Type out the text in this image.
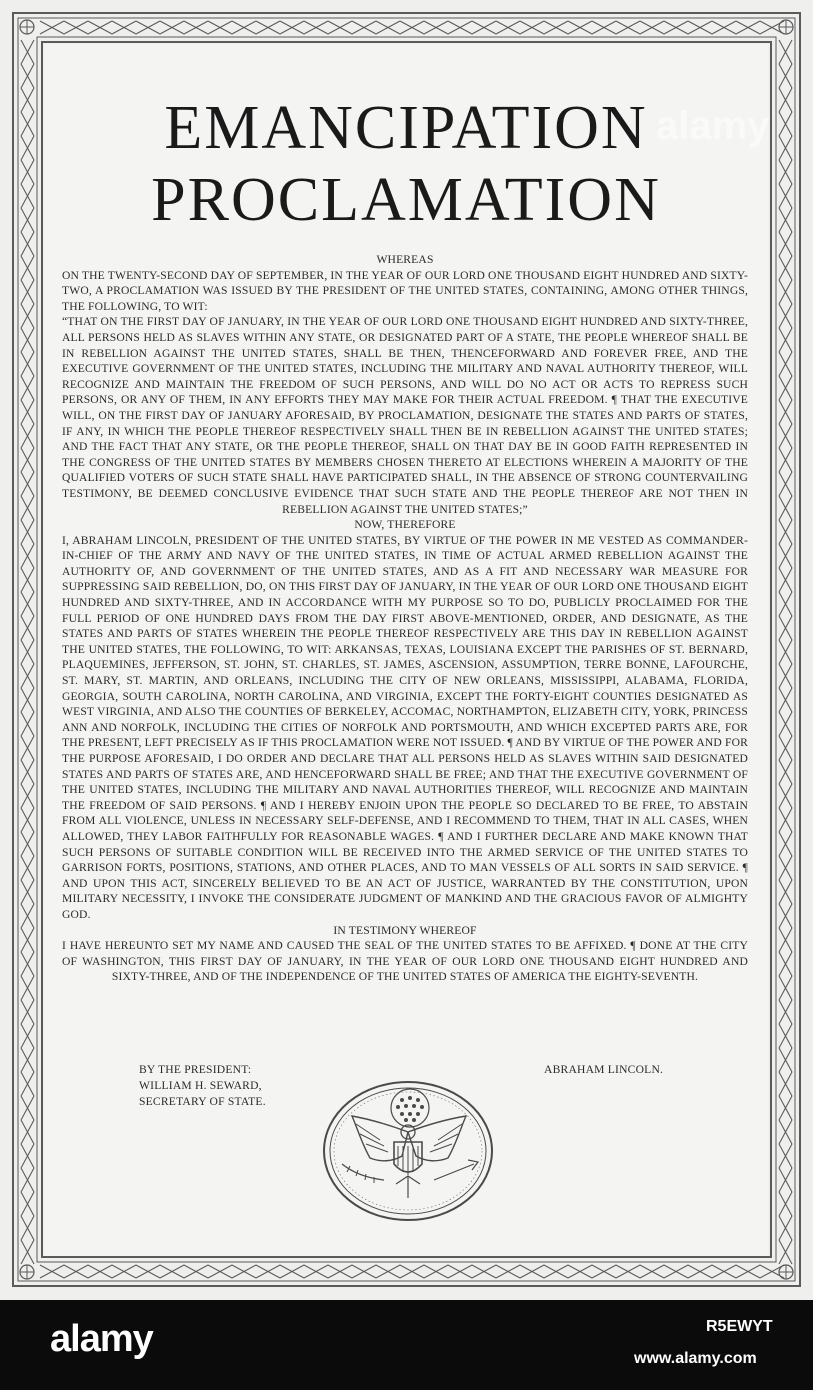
alamy
EMANCIPATION
PROCLAMATION
WHEREAS
ON THE TWENTY-SECOND DAY OF SEPTEMBER, IN THE YEAR OF OUR LORD ONE THOUSAND EIGHT HUNDRED AND SIXTY-TWO, A PROCLAMATION WAS ISSUED BY THE PRESIDENT OF THE UNITED STATES, CONTAINING, AMONG OTHER THINGS, THE FOLLOWING, TO WIT:
“THAT ON THE FIRST DAY OF JANUARY, IN THE YEAR OF OUR LORD ONE THOUSAND EIGHT HUNDRED AND SIXTY-THREE, ALL PERSONS HELD AS SLAVES WITHIN ANY STATE, OR DESIGNATED PART OF A STATE, THE PEOPLE WHEREOF SHALL BE IN REBELLION AGAINST THE UNITED STATES, SHALL BE THEN, THENCEFORWARD AND FOREVER FREE, AND THE EXECUTIVE GOVERNMENT OF THE UNITED STATES, INCLUDING THE MILITARY AND NAVAL AUTHORITY THEREOF, WILL RECOGNIZE AND MAINTAIN THE FREEDOM OF SUCH PERSONS, AND WILL DO NO ACT OR ACTS TO REPRESS SUCH PERSONS, OR ANY OF THEM, IN ANY EFFORTS THEY MAY MAKE FOR THEIR ACTUAL FREEDOM. ¶ THAT THE EXECUTIVE WILL, ON THE FIRST DAY OF JANUARY AFORESAID, BY PROCLAMATION, DESIGNATE THE STATES AND PARTS OF STATES, IF ANY, IN WHICH THE PEOPLE THEREOF RESPECTIVELY SHALL THEN BE IN REBELLION AGAINST THE UNITED STATES; AND THE FACT THAT ANY STATE, OR THE PEOPLE THEREOF, SHALL ON THAT DAY BE IN GOOD FAITH REPRESENTED IN THE CONGRESS OF THE UNITED STATES BY MEMBERS CHOSEN THERETO AT ELECTIONS WHEREIN A MAJORITY OF THE QUALIFIED VOTERS OF SUCH STATE SHALL HAVE PARTICIPATED SHALL, IN THE ABSENCE OF STRONG COUNTERVAILING TESTIMONY, BE DEEMED CONCLUSIVE EVIDENCE THAT SUCH STATE AND THE PEOPLE THEREOF ARE NOT THEN IN REBELLION AGAINST THE UNITED STATES;”
NOW, THEREFORE
I, ABRAHAM LINCOLN, PRESIDENT OF THE UNITED STATES, BY VIRTUE OF THE POWER IN ME VESTED AS COMMANDER-IN-CHIEF OF THE ARMY AND NAVY OF THE UNITED STATES, IN TIME OF ACTUAL ARMED REBELLION AGAINST THE AUTHORITY OF, AND GOVERNMENT OF THE UNITED STATES, AND AS A FIT AND NECESSARY WAR MEASURE FOR SUPPRESSING SAID REBELLION, DO, ON THIS FIRST DAY OF JANUARY, IN THE YEAR OF OUR LORD ONE THOUSAND EIGHT HUNDRED AND SIXTY-THREE, AND IN ACCORDANCE WITH MY PURPOSE SO TO DO, PUBLICLY PROCLAIMED FOR THE FULL PERIOD OF ONE HUNDRED DAYS FROM THE DAY FIRST ABOVE-MENTIONED, ORDER, AND DESIGNATE, AS THE STATES AND PARTS OF STATES WHEREIN THE PEOPLE THEREOF RESPECTIVELY ARE THIS DAY IN REBELLION AGAINST THE UNITED STATES, THE FOLLOWING, TO WIT: ARKANSAS, TEXAS, LOUISIANA EXCEPT THE PARISHES OF ST. BERNARD, PLAQUEMINES, JEFFERSON, ST. JOHN, ST. CHARLES, ST. JAMES, ASCENSION, ASSUMPTION, TERRE BONNE, LAFOURCHE, ST. MARY, ST. MARTIN, AND ORLEANS, INCLUDING THE CITY OF NEW ORLEANS, MISSISSIPPI, ALABAMA, FLORIDA, GEORGIA, SOUTH CAROLINA, NORTH CAROLINA, AND VIRGINIA, EXCEPT THE FORTY-EIGHT COUNTIES DESIGNATED AS WEST VIRGINIA, AND ALSO THE COUNTIES OF BERKELEY, ACCOMAC, NORTHAMPTON, ELIZABETH CITY, YORK, PRINCESS ANN AND NORFOLK, INCLUDING THE CITIES OF NORFOLK AND PORTSMOUTH, AND WHICH EXCEPTED PARTS ARE, FOR THE PRESENT, LEFT PRECISELY AS IF THIS PROCLAMATION WERE NOT ISSUED. ¶ AND BY VIRTUE OF THE POWER AND FOR THE PURPOSE AFORESAID, I DO ORDER AND DECLARE THAT ALL PERSONS HELD AS SLAVES WITHIN SAID DESIGNATED STATES AND PARTS OF STATES ARE, AND HENCEFORWARD SHALL BE FREE; AND THAT THE EXECUTIVE GOVERNMENT OF THE UNITED STATES, INCLUDING THE MILITARY AND NAVAL AUTHORITIES THEREOF, WILL RECOGNIZE AND MAINTAIN THE FREEDOM OF SAID PERSONS. ¶ AND I HEREBY ENJOIN UPON THE PEOPLE SO DECLARED TO BE FREE, TO ABSTAIN FROM ALL VIOLENCE, UNLESS IN NECESSARY SELF-DEFENSE, AND I RECOMMEND TO THEM, THAT IN ALL CASES, WHEN ALLOWED, THEY LABOR FAITHFULLY FOR REASONABLE WAGES. ¶ AND I FURTHER DECLARE AND MAKE KNOWN THAT SUCH PERSONS OF SUITABLE CONDITION WILL BE RECEIVED INTO THE ARMED SERVICE OF THE UNITED STATES TO GARRISON FORTS, POSITIONS, STATIONS, AND OTHER PLACES, AND TO MAN VESSELS OF ALL SORTS IN SAID SERVICE. ¶ AND UPON THIS ACT, SINCERELY BELIEVED TO BE AN ACT OF JUSTICE, WARRANTED BY THE CONSTITUTION, UPON MILITARY NECESSITY, I INVOKE THE CONSIDERATE JUDGMENT OF MANKIND AND THE GRACIOUS FAVOR OF ALMIGHTY GOD.
IN TESTIMONY WHEREOF
I HAVE HEREUNTO SET MY NAME AND CAUSED THE SEAL OF THE UNITED STATES TO BE AFFIXED. ¶ DONE AT THE CITY OF WASHINGTON, THIS FIRST DAY OF JANUARY, IN THE YEAR OF OUR LORD ONE THOUSAND EIGHT HUNDRED AND SIXTY-THREE, AND OF THE INDEPENDENCE OF THE UNITED STATES OF AMERICA THE EIGHTY-SEVENTH.
BY THE PRESIDENT:
WILLIAM H. SEWARD,
SECRETARY OF STATE.
ABRAHAM LINCOLN.
alamy	R5EWYT
www.alamy.com
